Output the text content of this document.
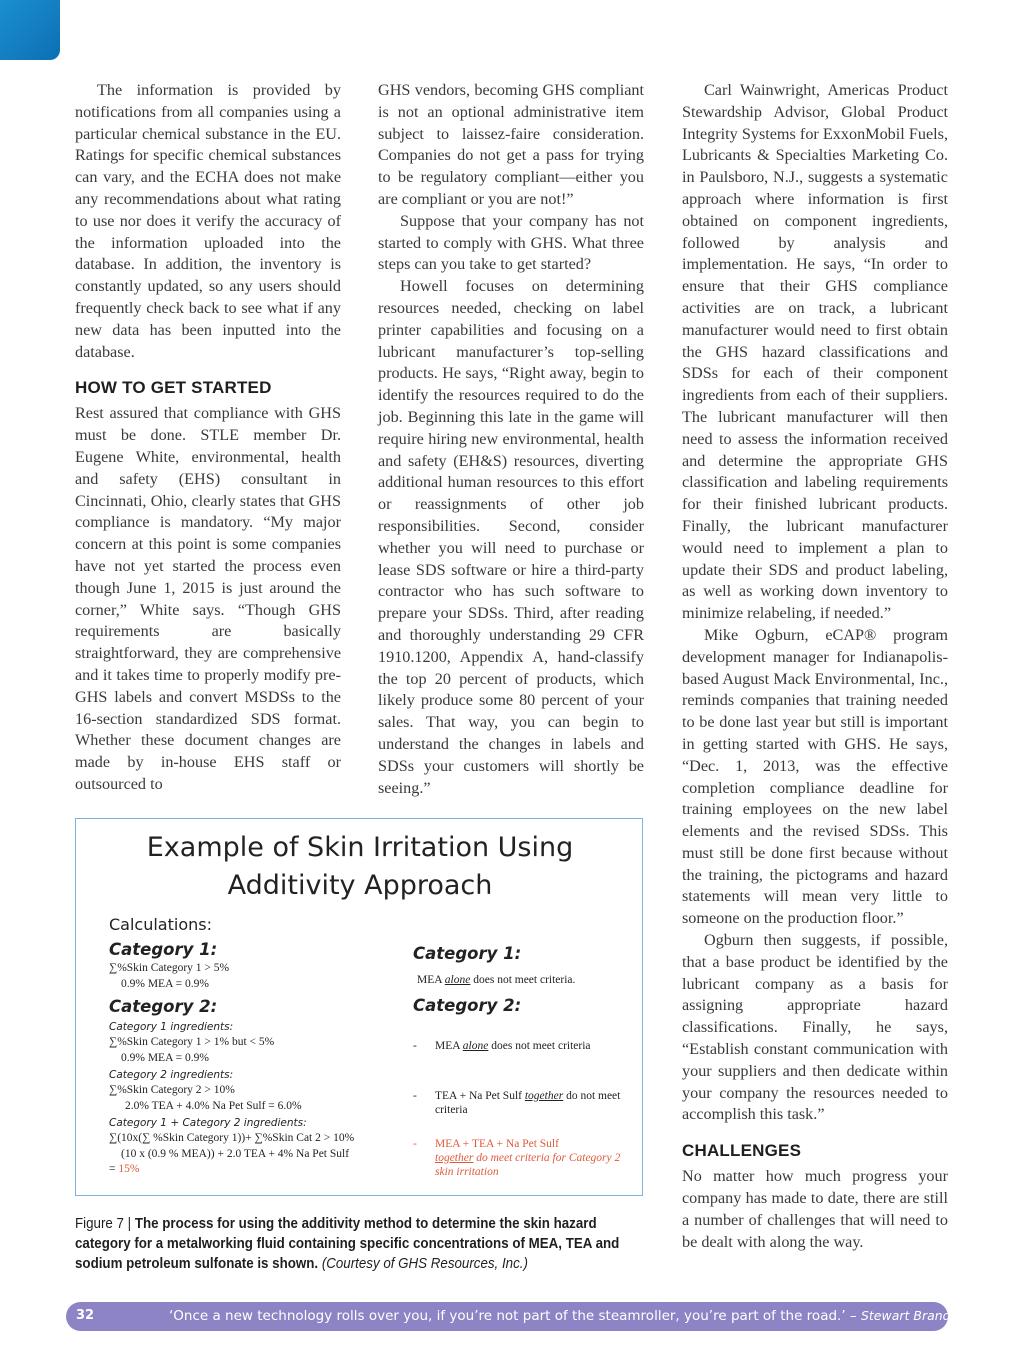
The information is provided by notifications from all companies using a particular chemical substance in the EU. Ratings for specific chemical substances can vary, and the ECHA does not make any recommendations about what rating to use nor does it verify the accuracy of the information uploaded into the database. In addition, the inventory is constantly updated, so any users should frequently check back to see what if any new data has been inputted into the database.

HOW TO GET STARTED

Rest assured that compliance with GHS must be done. STLE member Dr. Eugene White, environmental, health and safety (EHS) consultant in Cincinnati, Ohio, clearly states that GHS compliance is mandatory. “My major concern at this point is some companies have not yet started the process even though June 1, 2015 is just around the corner,” White says. “Though GHS requirements are basically straightforward, they are comprehensive and it takes time to properly modify pre-GHS labels and convert MSDSs to the 16-section standardized SDS format. Whether these document changes are made by in-house EHS staff or outsourced to

GHS vendors, becoming GHS compliant is not an optional administrative item subject to laissez-faire consideration. Companies do not get a pass for trying to be regulatory compliant—either you are compliant or you are not!”

Suppose that your company has not started to comply with GHS. What three steps can you take to get started?

Howell focuses on determining resources needed, checking on label printer capabilities and focusing on a lubricant manufacturer’s top-selling products. He says, “Right away, begin to identify the resources required to do the job. Beginning this late in the game will require hiring new environmental, health and safety (EH&S) resources, diverting additional human resources to this effort or reassignments of other job responsibilities. Second, consider whether you will need to purchase or lease SDS software or hire a third-party contractor who has such software to prepare your SDSs. Third, after reading and thoroughly understanding 29 CFR 1910.1200, Appendix A, hand-classify the top 20 percent of products, which likely produce some 80 percent of your sales. That way, you can begin to understand the changes in labels and SDSs your customers will shortly be seeing.”

Carl Wainwright, Americas Product Stewardship Advisor, Global Product Integrity Systems for ExxonMobil Fuels, Lubricants & Specialties Marketing Co. in Paulsboro, N.J., suggests a systematic approach where information is first obtained on component ingredients, followed by analysis and implementation. He says, “In order to ensure that their GHS compliance activities are on track, a lubricant manufacturer would need to first obtain the GHS hazard classifications and SDSs for each of their component ingredients from each of their suppliers. The lubricant manufacturer will then need to assess the information received and determine the appropriate GHS classification and labeling requirements for their finished lubricant products. Finally, the lubricant manufacturer would need to implement a plan to update their SDS and product labeling, as well as working down inventory to minimize relabeling, if needed.”

Mike Ogburn, eCAP® program development manager for Indianapolis-based August Mack Environmental, Inc., reminds companies that training needed to be done last year but still is important in getting started with GHS. He says, “Dec. 1, 2013, was the effective completion compliance deadline for training employees on the new label elements and the revised SDSs. This must still be done first because without the training, the pictograms and hazard statements will mean very little to someone on the production floor.”

Ogburn then suggests, if possible, that a base product be identified by the lubricant company as a basis for assigning appropriate hazard classifications. Finally, he says, “Establish constant communication with your suppliers and then dedicate within your company the resources needed to accomplish this task.”

CHALLENGES

No matter how much progress your company has made to date, there are still a number of challenges that will need to be dealt with along the way.

Example of Skin Irritation Using
Additivity Approach
Calculations:
Category 1:
∑%Skin Category 1 > 5%
0.9% MEA = 0.9%
Category 2:
Category 1 ingredients:
∑%Skin Category 1 > 1% but < 5%
0.9% MEA = 0.9%
Category 2 ingredients:
∑%Skin Category 2 > 10%
2.0% TEA + 4.0% Na Pet Sulf = 6.0%
Category 1 + Category 2 ingredients:
∑(10x(∑ %Skin Category 1))+ ∑%Skin Cat 2 > 10%
(10 x (0.9 % MEA)) + 2.0 TEA + 4% Na Pet Sulf
= 15%
Category 1:
MEA alone does not meet criteria.
Category 2:
-	MEA alone does not meet criteria
-	TEA + Na Pet Sulf together do not meet criteria
-	MEA + TEA + Na Pet Sulf
together do meet criteria for Category 2 skin irritation
Figure 7 | The process for using the additivity method to determine the skin hazard category for a metalworking fluid containing specific concentrations of MEA, TEA and sodium petroleum sulfonate is shown. (Courtesy of GHS Resources, Inc.)
32	‘Once a new technology rolls over you, if you’re not part of the steamroller, you’re part of the road.’ – Stewart Brand
